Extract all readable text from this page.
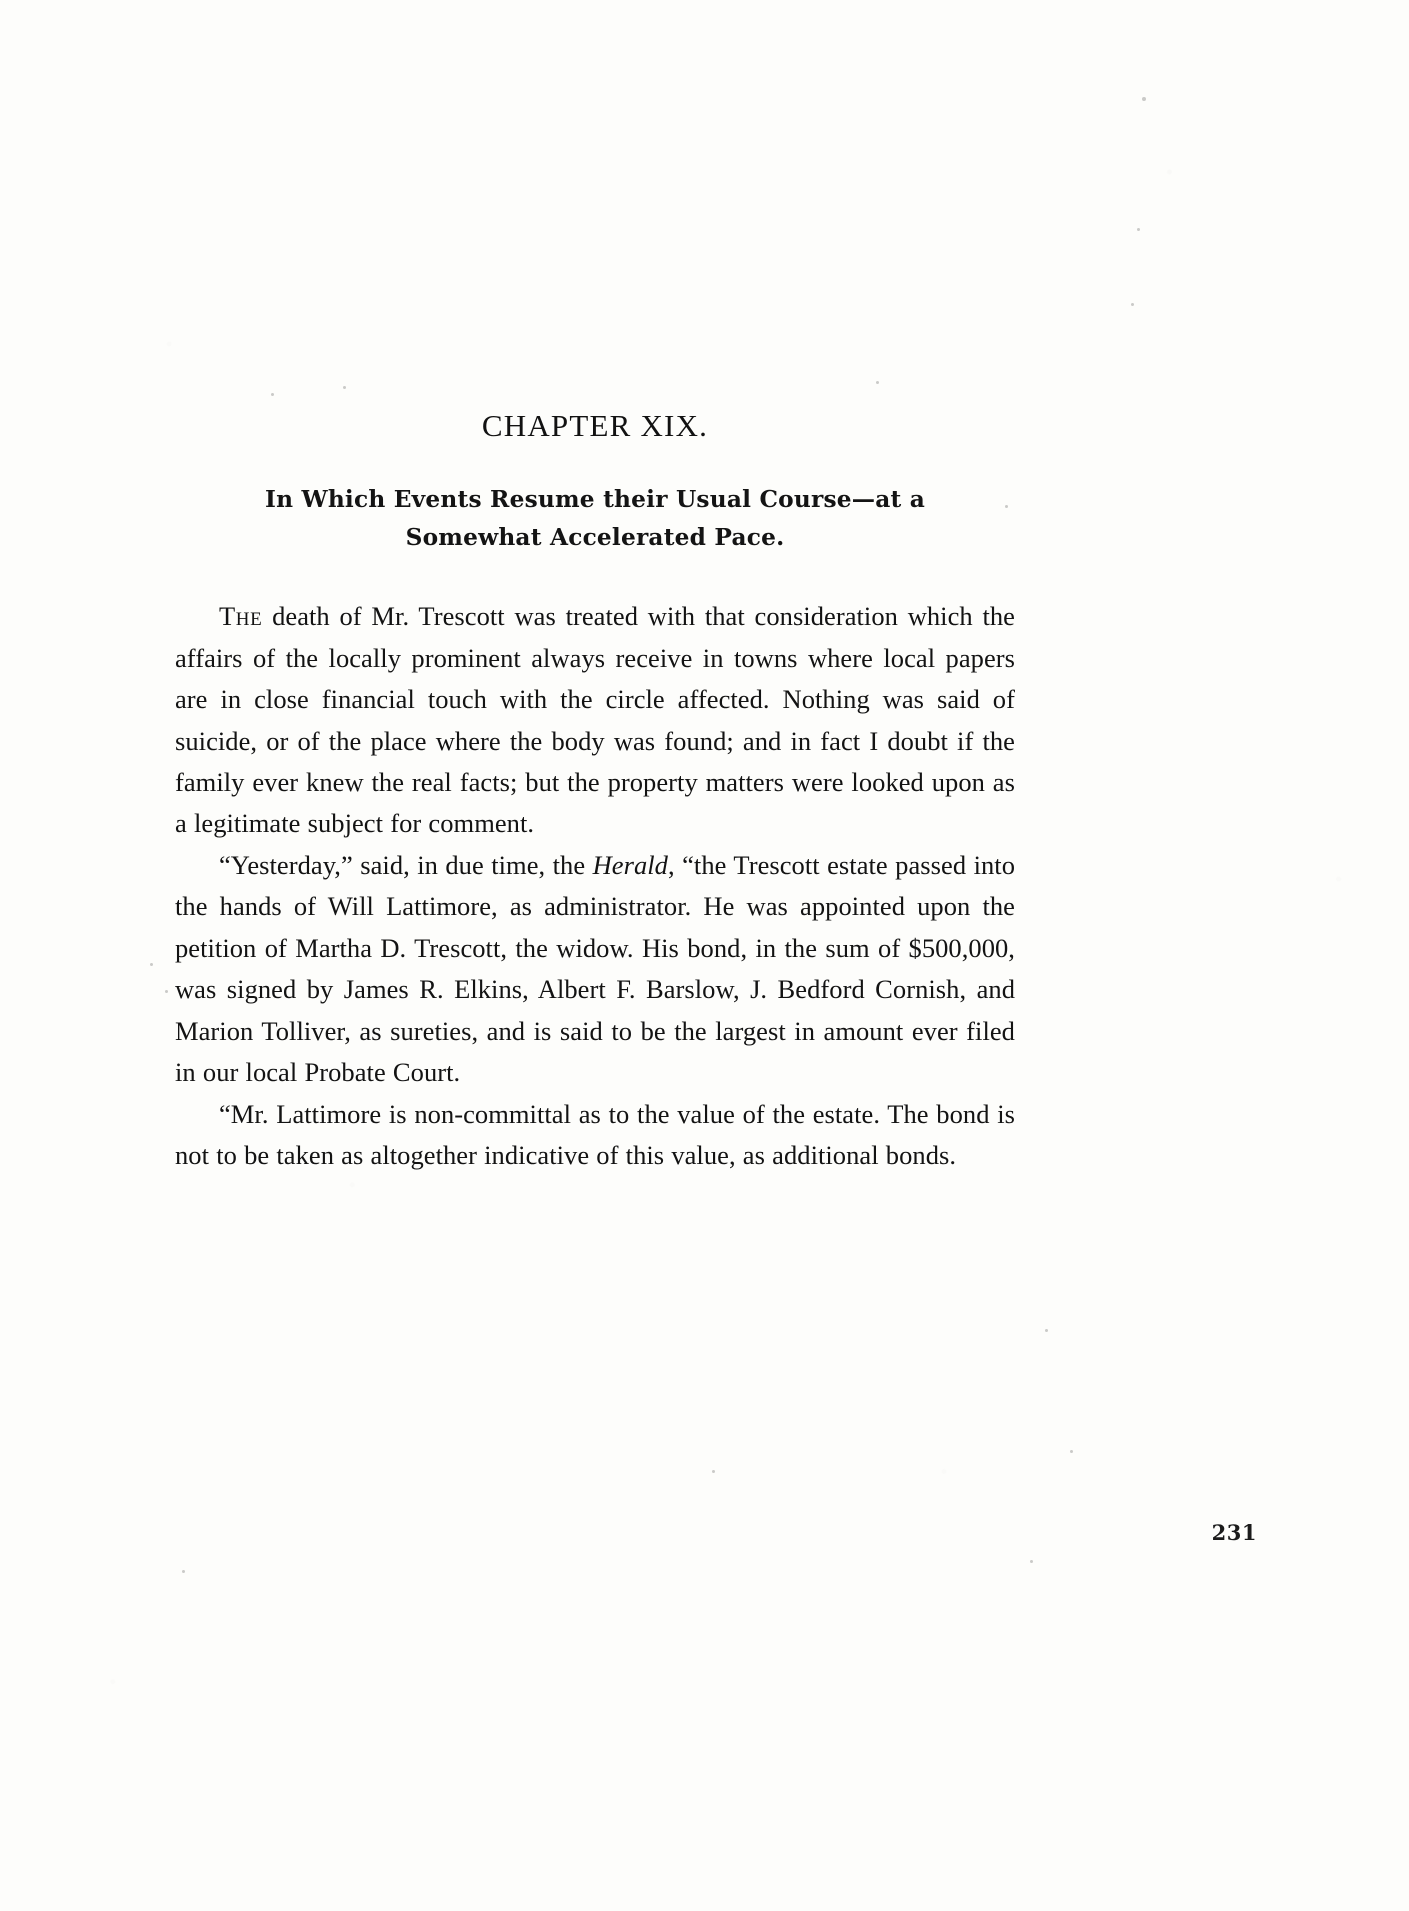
CHAPTER XIX.
In Which Events Resume their Usual Course—at a
Somewhat Accelerated Pace.

The death of Mr. Trescott was treated with that consideration which the affairs of the locally prominent always receive in towns where local papers are in close financial touch with the circle affected. Nothing was said of suicide, or of the place where the body was found; and in fact I doubt if the family ever knew the real facts; but the property matters were looked upon as a legitimate subject for comment.

“Yesterday,” said, in due time, the Herald, “the Trescott estate passed into the hands of Will Lattimore, as administrator. He was appointed upon the petition of Martha D. Trescott, the widow. His bond, in the sum of $500,000, was signed by James R. Elkins, Albert F. Barslow, J. Bedford Cornish, and Marion Tolliver, as sureties, and is said to be the largest in amount ever filed in our local Probate Court.

“Mr. Lattimore is non-committal as to the value of the estate. The bond is not to be taken as altogether indicative of this value, as additional bonds.

231
